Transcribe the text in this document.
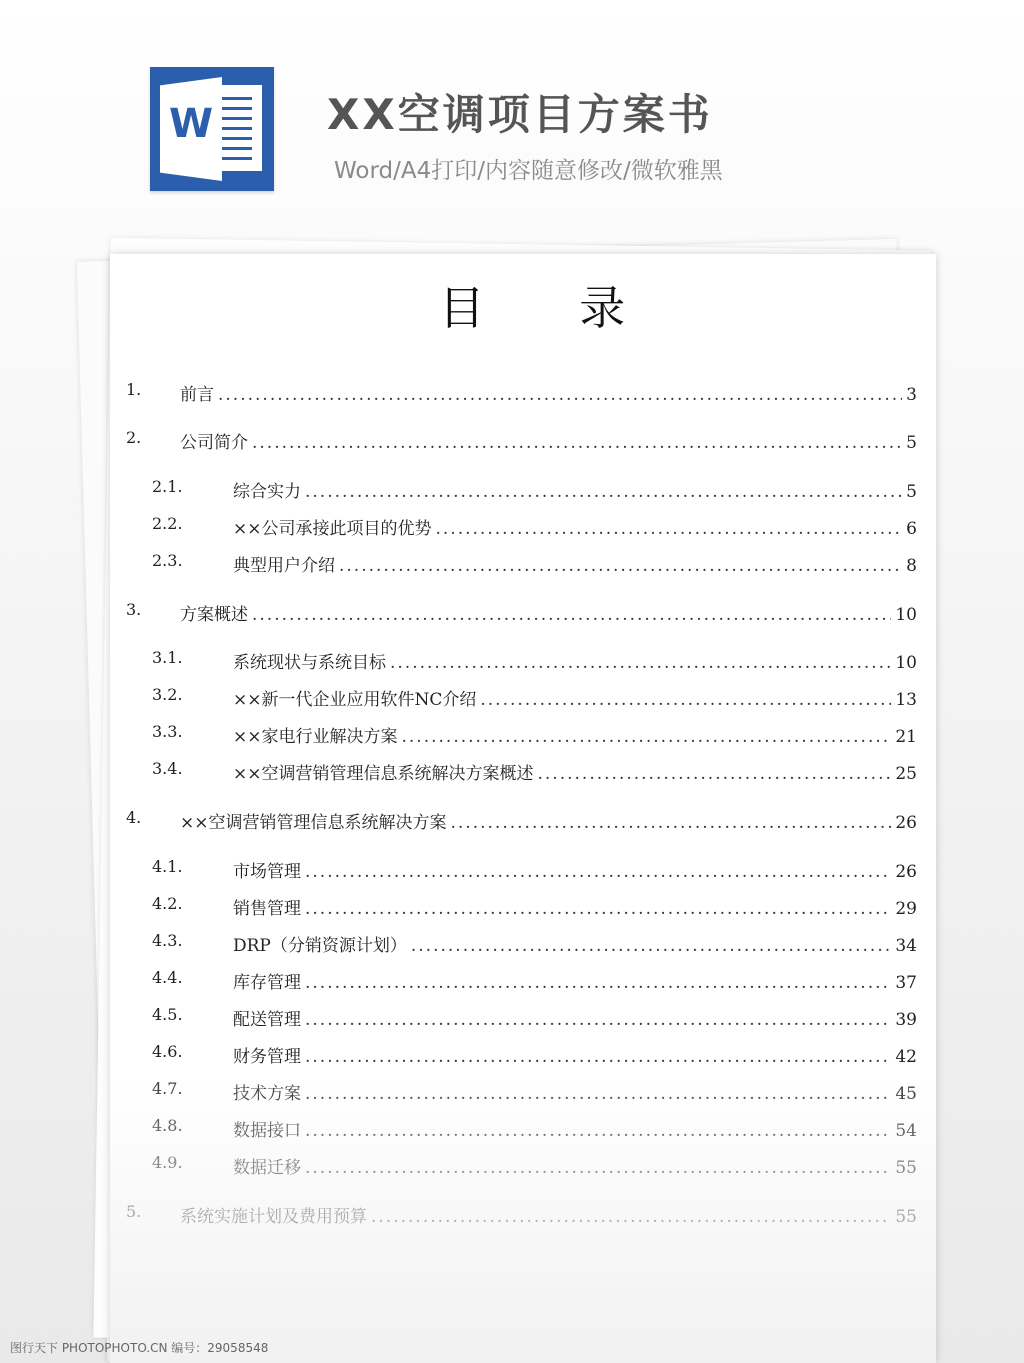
W	XX空调项目方案书
Word/A4打印/内容随意修改/微软雅黑
目 录
1. 前言 .....	3
2. 公司简介 .....	5
2.1.	综合实力 .....	5
2.2.	××公司承接此项目的优势 .....	6
2.3.	典型用户介绍 .....	8
3. 方案概述 .....	10
3.1.	系统现状与系统目标 .....	10
3.2.	××新一代企业应用软件NC介绍 .....	13
3.3.	××家电行业解决方案 .....	21
3.4.	××空调营销管理信息系统解决方案概述 .....	25
4. ××空调营销管理信息系统解决方案 .....	26
4.1.	市场管理 .....	26
4.2.	销售管理 .....	29
4.3.	DRP（分销资源计划） .....	34
4.4.	库存管理 .....	37
4.5.	配送管理 .....	39
4.6.	财务管理 .....	42
4.7.	技术方案 .....	45
4.8.	数据接口 .....	54
4.9.	数据迁移 .....	55
5. 系统实施计划及费用预算 .....	55
图行天下 PHOTOPHOTO.CN 编号：29058548
